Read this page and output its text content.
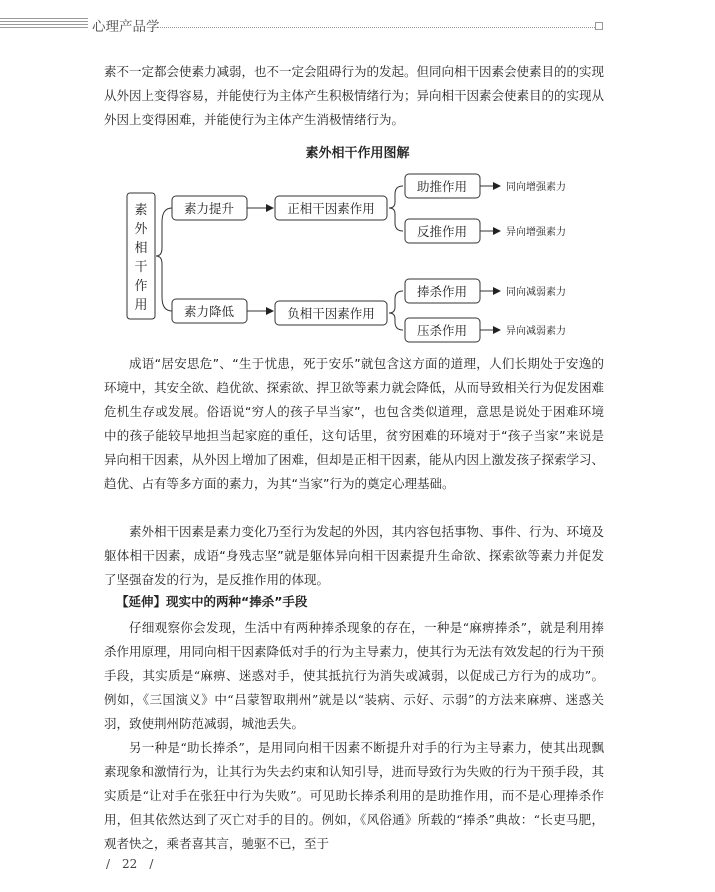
心理产品学

素不一定都会使素力减弱，也不一定会阻碍行为的发起。但同向相干因素会使素目的的实现从外因上变得容易，并能使行为主体产生积极情绪行为；异向相干因素会使素目的的实现从外因上变得困难，并能使行为主体产生消极情绪行为。

素外相干作用图解

素外相干作用
素力提升
素力降低
正相干因素作用
负相干因素作用
助推作用
反推作用
捧杀作用
压杀作用
同向增强素力
异向增强素力
同向减弱素力
异向减弱素力

成语“居安思危”、“生于忧患，死于安乐”就包含这方面的道理，人们长期处于安逸的环境中，其安全欲、趋优欲、探索欲、捍卫欲等素力就会降低，从而导致相关行为促发困难危机生存或发展。俗语说“穷人的孩子早当家”，也包含类似道理，意思是说处于困难环境中的孩子能较早地担当起家庭的重任，这句话里，贫穷困难的环境对于“孩子当家”来说是异向相干因素，从外因上增加了困难，但却是正相干因素，能从内因上激发孩子探索学习、趋优、占有等多方面的素力，为其“当家”行为的奠定心理基础。

素外相干因素是素力变化乃至行为发起的外因，其内容包括事物、事件、行为、环境及躯体相干因素，成语“身残志坚”就是躯体异向相干因素提升生命欲、探索欲等素力并促发了坚强奋发的行为，是反推作用的体现。

【延伸】现实中的两种“捧杀”手段

仔细观察你会发现，生活中有两种捧杀现象的存在，一种是“麻痹捧杀”，就是利用捧杀作用原理，用同向相干因素降低对手的行为主导素力，使其行为无法有效发起的行为干预手段，其实质是“麻痹、迷惑对手，使其抵抗行为消失或减弱，以促成己方行为的成功”。例如，《三国演义》中“吕蒙智取荆州”就是以“装病、示好、示弱”的方法来麻痹、迷惑关羽，致使荆州防范减弱，城池丢失。

另一种是“助长捧杀”，是用同向相干因素不断提升对手的行为主导素力，使其出现飘素现象和激情行为，让其行为失去约束和认知引导，进而导致行为失败的行为干预手段，其实质是“让对手在张狂中行为失败”。可见助长捧杀利用的是助推作用，而不是心理捧杀作用，但其依然达到了灭亡对手的目的。例如，《风俗通》所载的“捧杀”典故：“长吏马肥，观者快之，乘者喜其言，驰驱不已，至于

/ 22 /
